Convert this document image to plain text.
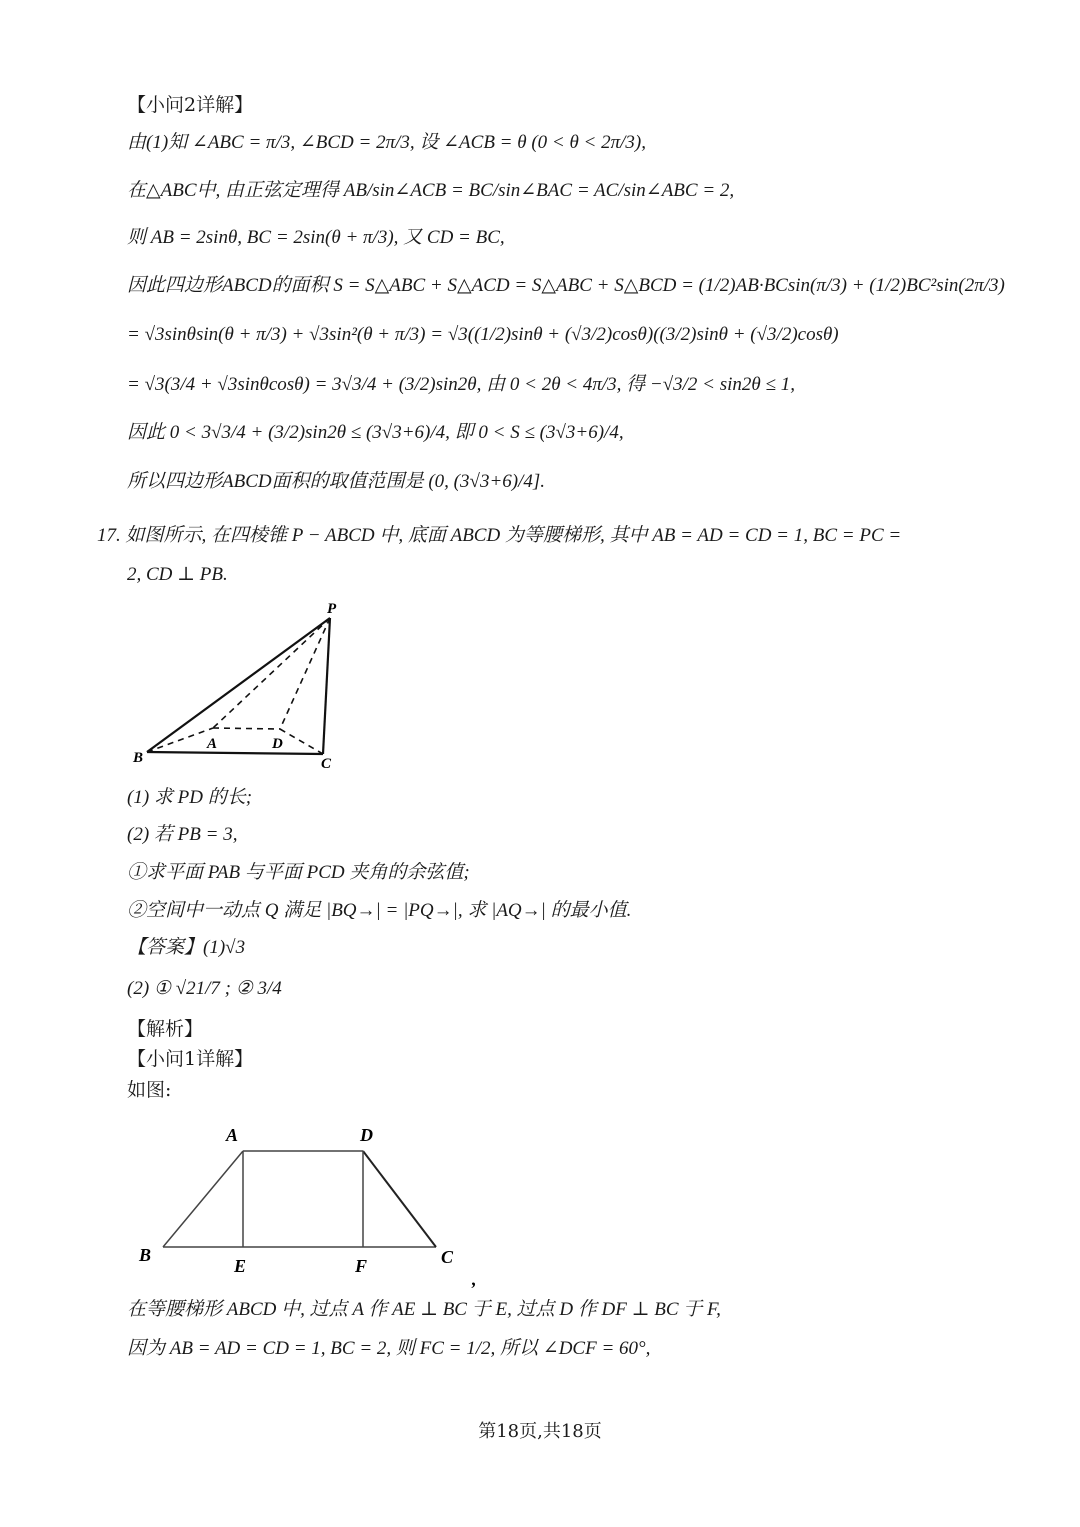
【小问2详解】
由(1)知 ∠ABC = π/3, ∠BCD = 2π/3, 设 ∠ACB = θ (0 < θ < 2π/3),
在△ABC中, 由正弦定理得 AB/sin∠ACB = BC/sin∠BAC = AC/sin∠ABC = 2,
则 AB = 2sinθ, BC = 2sin(θ + π/3), 又 CD = BC,
因此四边形ABCD的面积 S = S△ABC + S△ACD = S△ABC + S△BCD = (1/2)AB·BCsin(π/3) + (1/2)BC²sin(2π/3)
= √3sinθsin(θ + π/3) + √3sin²(θ + π/3) = √3((1/2)sinθ + (√3/2)cosθ)((3/2)sinθ + (√3/2)cosθ)
= √3(3/4 + √3sinθcosθ) = 3√3/4 + (3/2)sin2θ, 由 0 < 2θ < 4π/3, 得 −√3/2 < sin2θ ≤ 1,
因此 0 < 3√3/4 + (3/2)sin2θ ≤ (3√3+6)/4, 即 0 < S ≤ (3√3+6)/4,
所以四边形ABCD面积的取值范围是 (0, (3√3+6)/4].
17. 如图所示, 在四棱锥 P − ABCD 中, 底面 ABCD 为等腰梯形, 其中 AB = AD = CD = 1, BC = PC =
2, CD ⊥ PB.
P
A	D
B	C
(1) 求 PD 的长;
(2) 若 PB = 3,
①求平面 PAB 与平面 PCD 夹角的余弦值;
②空间中一动点 Q 满足 |BQ→| = |PQ→|, 求 |AQ→| 的最小值.
【答案】(1)√3
(2) ① √21/7 ; ② 3/4
【解析】
【小问1详解】
如图:
A	D
B
E	F	C
,
在等腰梯形 ABCD 中, 过点 A 作 AE ⊥ BC 于 E, 过点 D 作 DF ⊥ BC 于 F,
因为 AB = AD = CD = 1, BC = 2, 则 FC = 1/2, 所以 ∠DCF = 60°,
第18页,共18页
